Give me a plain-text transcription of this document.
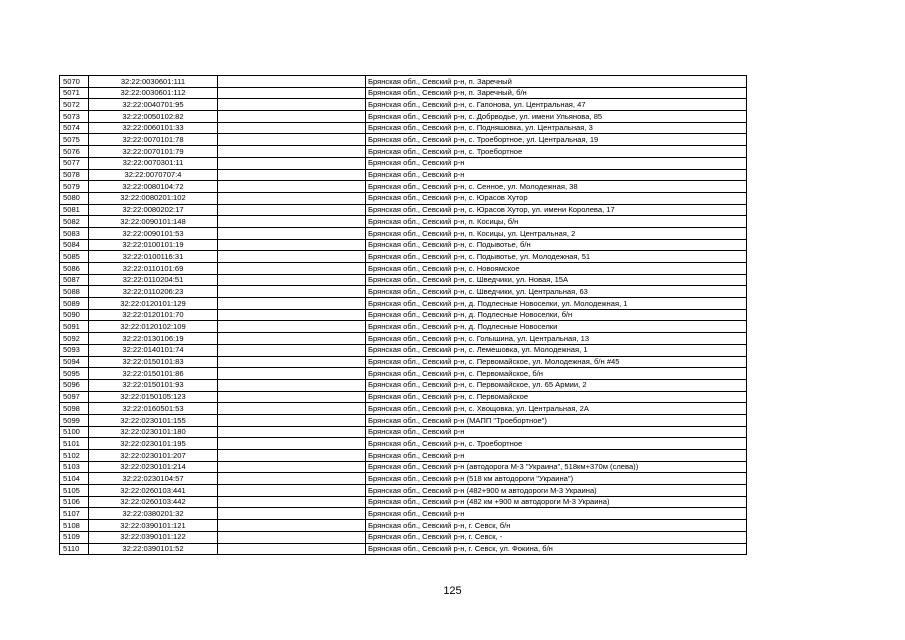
5070	32:22:0030601:111		Брянская обл., Севский р-н, п. Заречный
5071	32:22:0030601:112		Брянская обл., Севский р-н, п. Заречный, б/н
5072	32:22:0040701:95		Брянская обл., Севский р-н, с. Гапонова, ул. Центральная, 47
5073	32:22:0050102:82		Брянская обл., Севский р-н, с. Добрводье, ул. имени Ульянова, 85
5074	32:22:0060101:33		Брянская обл., Севский р-н, с. Подняшовка, ул. Центральная, 3
5075	32:22:0070101:78		Брянская обл., Севский р-н, с. Троебортное, ул. Центральная, 19
5076	32:22:0070101:79		Брянская обл., Севский р-н, с. Троебортное
5077	32:22:0070301:11		Брянская обл., Севский р-н
5078	32:22:0070707:4		Брянская обл., Севский р-н
5079	32:22:0080104:72		Брянская обл., Севский р-н, с. Сенное, ул. Молодежная, 38
5080	32:22:0080201:102		Брянская обл., Севский р-н, с. Юрасов Хутор
5081	32:22:0080202:17		Брянская обл., Севский р-н, с. Юрасов Хутор, ул. имени Королева, 17
5082	32:22:0090101:148		Брянская обл., Севский р-н, п. Косицы, б/н
5083	32:22:0090101:53		Брянская обл., Севский р-н, п. Косицы, ул. Центральная, 2
5084	32:22:0100101:19		Брянская обл., Севский р-н, с. Подывотье, б/н
5085	32:22:0100116:31		Брянская обл., Севский р-н, с. Подывотье, ул. Молодежная, 51
5086	32:22:0110101:69		Брянская обл., Севский р-н, с. Новоямское
5087	32:22:0110204:51		Брянская обл., Севский р-н, с. Шведчики, ул. Новая, 15А
5088	32:22:0110206:23		Брянская обл., Севский р-н, с. Шведчики, ул. Центральная, 63
5089	32:22:0120101:129		Брянская обл., Севский р-н, д. Подлесные Новоселки, ул. Молодежная, 1
5090	32:22:0120101:70		Брянская обл., Севский р-н, д. Подлесные Новоселки, б/н
5091	32:22:0120102:109		Брянская обл., Севский р-н, д. Подлесные Новоселки
5092	32:22:0130106:19		Брянская обл., Севский р-н, с. Голышина, ул. Центральная, 13
5093	32:22:0140101:74		Брянская обл., Севский р-н, с. Лемешовка, ул. Молодежная, 1
5094	32:22:0150101:83		Брянская обл., Севский р-н, с. Первомайское, ул. Молодежная, б/н #45
5095	32:22:0150101:86		Брянская обл., Севский р-н, с. Первомайское, б/н
5096	32:22:0150101:93		Брянская обл., Севский р-н, с. Первомайское, ул. 65 Армии, 2
5097	32:22:0150105:123		Брянская обл., Севский р-н, с. Первомайское
5098	32:22:0160501:53		Брянская обл., Севский р-н, с. Хвощовка, ул. Центральная, 2А
5099	32:22:0230101:155		Брянская обл., Севский р-н (МАПП "Троебортное")
5100	32:22:0230101:180		Брянская обл., Севский р-н
5101	32:22:0230101:195		Брянская обл., Севский р-н, с. Троебортное
5102	32:22:0230101:207		Брянская обл., Севский р-н
5103	32:22:0230101:214		Брянская обл., Севский р-н (автодорога М-3 "Украина", 518км+370м (слева))
5104	32:22:0230104:57		Брянская обл., Севский р-н (518 км автодороги "Украина")
5105	32:22:0260103:441		Брянская обл., Севский р-н (482+900 м автодороги М-3 Украина)
5106	32:22:0260103:442		Брянская обл., Севский р-н (482 км +900 м автодороги М-3 Украина)
5107	32:22:0380201:32		Брянская обл., Севский р-н
5108	32:22:0390101:121		Брянская обл., Севский р-н, г. Севск, б/н
5109	32:22:0390101:122		Брянская обл., Севский р-н, г. Севск, -
5110	32:22:0390101:52		Брянская обл., Севский р-н, г. Севск, ул. Фокина, б/н
125
